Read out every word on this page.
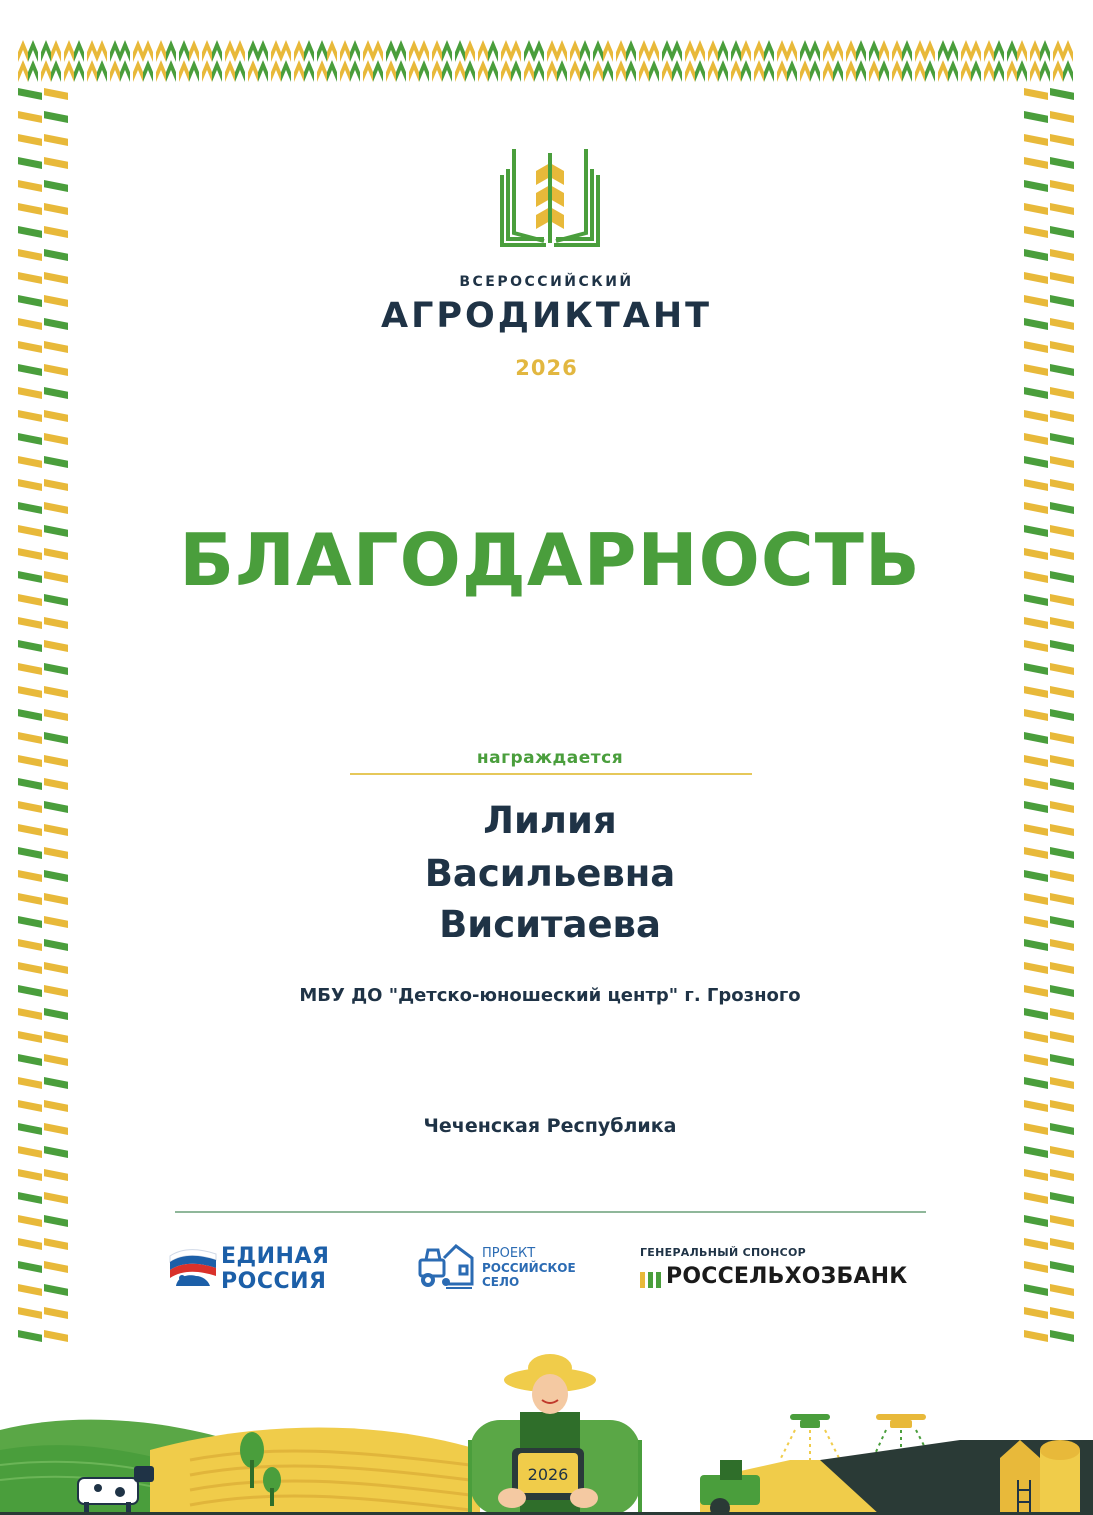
ВСЕРОССИЙСКИЙ
АГРОДИКТАНТ
2026
БЛАГОДАРНОСТЬ
награждается
Лилия
Васильевна
Виситаева
МБУ ДО "Детско-юношеский центр" г. Грозного
Чеченская Республика
ЕДИНАЯ
РОССИЯ
ПРОЕКТ
РОССИЙСКОЕ
СЕЛО
ГЕНЕРАЛЬНЫЙ СПОНСОР
РОССЕЛЬХОЗБАНК
2026
